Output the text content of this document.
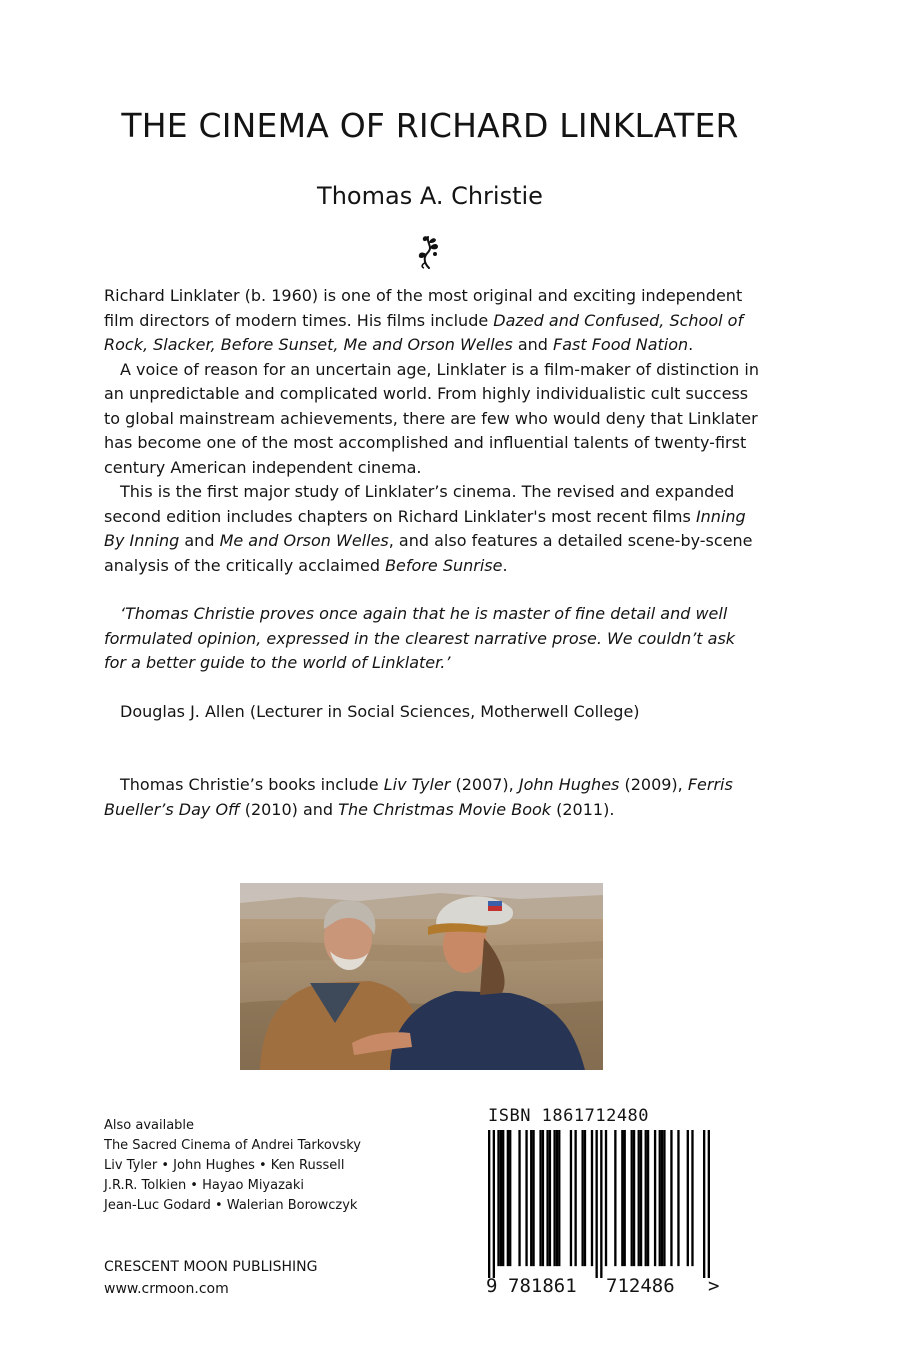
THE CINEMA OF RICHARD LINKLATER
Thomas A. Christie

Richard Linklater (b. 1960) is one of the most original and exciting independent film directors of modern times. His films include Dazed and Confused, School of Rock, Slacker, Before Sunset, Me and Orson Welles and Fast Food Nation.

A voice of reason for an uncertain age, Linklater is a film-maker of distinction in an unpredictable and complicated world. From highly individualistic cult success to global mainstream achievements, there are few who would deny that Linklater has become one of the most accomplished and influential talents of twenty-first century American independent cinema.

This is the first major study of Linklater’s cinema. The revised and expanded second edition includes chapters on Richard Linklater's most recent films Inning By Inning and Me and Orson Welles, and also features a detailed scene-by-scene analysis of the critically acclaimed Before Sunrise.

‘Thomas Christie proves once again that he is master of fine detail and well formulated opinion, expressed in the clearest narrative prose. We couldn’t ask for a better guide to the world of Linklater.’

Douglas J. Allen (Lecturer in Social Sciences, Motherwell College)

Thomas Christie’s books include Liv Tyler (2007), John Hughes (2009), Ferris Bueller’s Day Off (2010) and The Christmas Movie Book (2011).

Also available
The Sacred Cinema of Andrei Tarkovsky
Liv Tyler • John Hughes • Ken Russell
J.R.R. Tolkien • Hayao Miyazaki
Jean-Luc Godard • Walerian Borowczyk
CRESCENT MOON PUBLISHING
www.crmoon.com
ISBN 1861712480
9 781861 712486 >
